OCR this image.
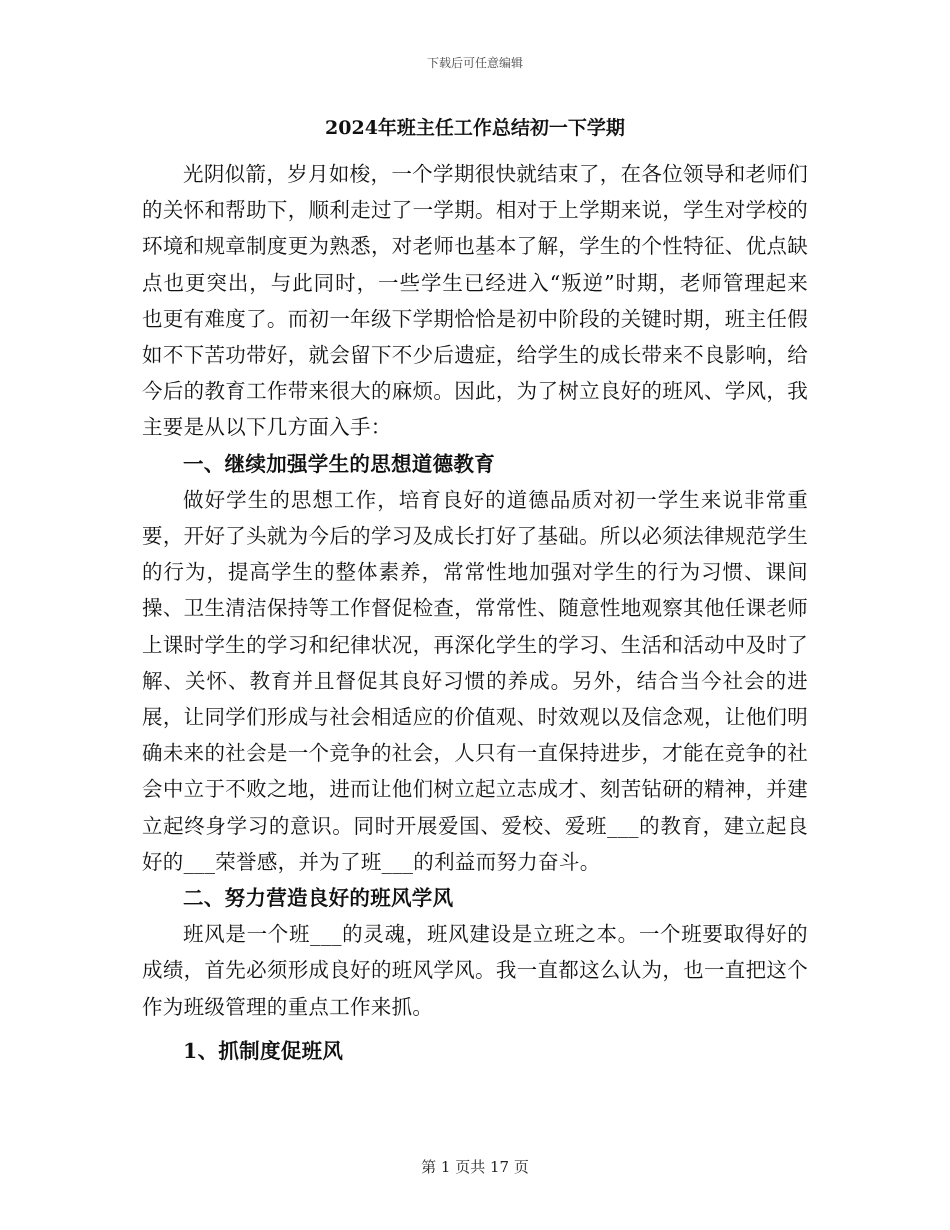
下载后可任意编辑
2024年班主任工作总结初一下学期

光阴似箭，岁月如梭，一个学期很快就结束了，在各位领导和老师们的关怀和帮助下，顺利走过了一学期。相对于上学期来说，学生对学校的环境和规章制度更为熟悉，对老师也基本了解，学生的个性特征、优点缺点也更突出，与此同时，一些学生已经进入“叛逆”时期，老师管理起来也更有难度了。而初一年级下学期恰恰是初中阶段的关键时期，班主任假如不下苦功带好，就会留下不少后遗症，给学生的成长带来不良影响，给今后的教育工作带来很大的麻烦。因此，为了树立良好的班风、学风，我主要是从以下几方面入手：

一、继续加强学生的思想道德教育

做好学生的思想工作，培育良好的道德品质对初一学生来说非常重要，开好了头就为今后的学习及成长打好了基础。所以必须法律规范学生的行为，提高学生的整体素养，常常性地加强对学生的行为习惯、课间操、卫生清洁保持等工作督促检查，常常性、随意性地观察其他任课老师上课时学生的学习和纪律状况，再深化学生的学习、生活和活动中及时了解、关怀、教育并且督促其良好习惯的养成。另外，结合当今社会的进展，让同学们形成与社会相适应的价值观、时效观以及信念观，让他们明确未来的社会是一个竞争的社会，人只有一直保持进步，才能在竞争的社会中立于不败之地，进而让他们树立起立志成才、刻苦钻研的精神，并建立起终身学习的意识。同时开展爱国、爱校、爱班___的教育，建立起良好的___荣誉感，并为了班___的利益而努力奋斗。

二、努力营造良好的班风学风

班风是一个班___的灵魂，班风建设是立班之本。一个班要取得好的成绩，首先必须形成良好的班风学风。我一直都这么认为，也一直把这个作为班级管理的重点工作来抓。

1、抓制度促班风

第 1 页共 17 页
